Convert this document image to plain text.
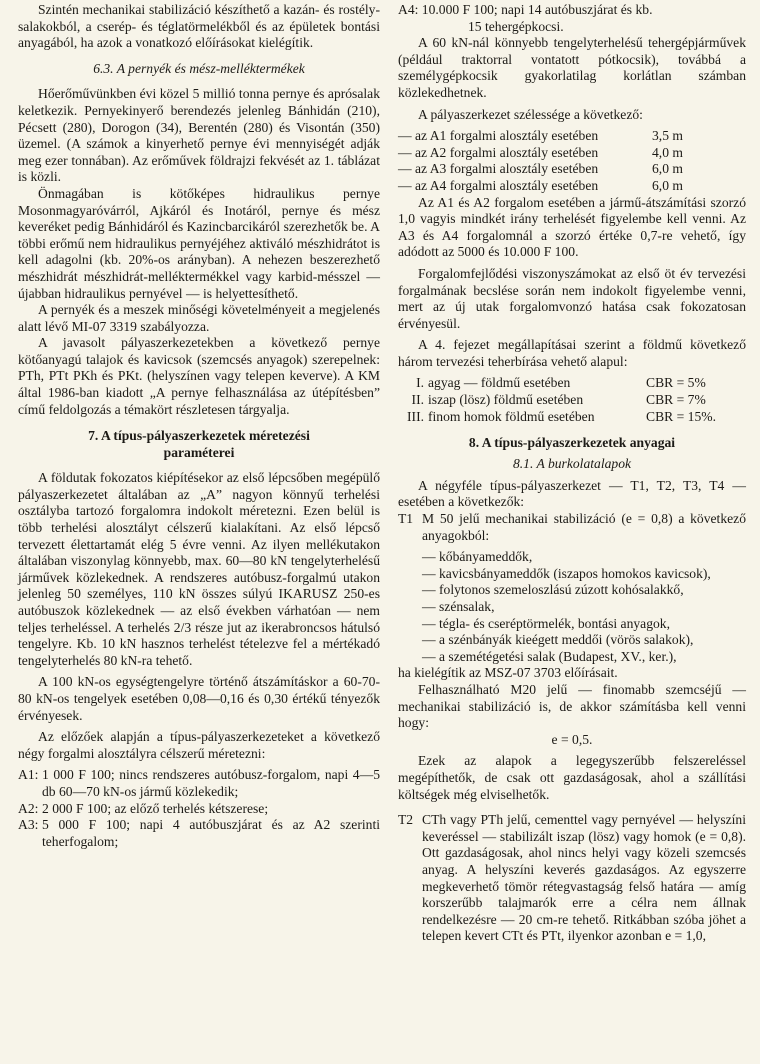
Szintén mechanikai stabilizáció készíthető a kazán- és rostély-salakokból, a cserép- és téglatörmelékből és az épületek bontási anyagából, ha azok a vonatkozó előírásokat kielégítik.

6.3. A pernyék és mész-melléktermékek

Hőerőművünkben évi közel 5 millió tonna pernye és aprósalak keletkezik. Pernyekinyerő berendezés jelenleg Bánhidán (210), Pécsett (280), Dorogon (34), Berentén (280) és Visontán (350) üzemel. (A számok a kinyerhető pernye évi mennyiségét adják meg ezer tonnában). Az erőművek földrajzi fekvését az 1. táblázat is közli.

Önmagában is kötőképes hidraulikus pernye Mosonmagyaróvárról, Ajkáról és Inotáról, pernye és mész keveréket pedig Bánhidáról és Kazincbarcikáról szerezhetők be. A többi erőmű nem hidraulikus pernyéjéhez aktiváló mészhidrátot is kell adagolni (kb. 20%-os arányban). A nehezen beszerezhető mészhidrát mészhidrát-melléktermékkel vagy karbid-mésszel — újabban hidraulikus pernyével — is helyettesíthető.

A pernyék és a meszek minőségi követelményeit a megjelenés alatt lévő MI-07 3319 szabályozza.

A javasolt pályaszerkezetekben a következő pernye kötőanyagú talajok és kavicsok (szemcsés anyagok) szerepelnek: PTh, PTt PKh és PKt. (helyszínen vagy telepen keverve). A KM által 1986-ban kiadott „A pernye felhasználása az útépítésben” című feldolgozás a témakört részletesen tárgyalja.

7. A típus-pályaszerkezetek méretezési
paraméterei

A földutak fokozatos kiépítésekor az első lépcsőben megépülő pályaszerkezetet általában az „A” nagyon könnyű terhelési osztályba tartozó forgalomra indokolt méretezni. Ezen belül is több terhelési alosztályt célszerű kialakítani. Az első lépcső tervezett élettartamát elég 5 évre venni. Az ilyen mellékutakon általában viszonylag könnyebb, max. 60—80 kN tengelyterhelésű járművek közlekednek. A rendszeres autóbusz-forgalmú utakon jelenleg 50 személyes, 110 kN összes súlyú IKARUSZ 250-es autóbuszok közlekednek — az első években várhatóan — nem teljes terheléssel. A terhelés 2/3 része jut az ikerabroncsos hátulsó tengelyre. Kb. 10 kN hasznos terhelést tételezve fel a mértékadó tengelyterhelés 80 kN-ra tehető.

A 100 kN-os egységtengelyre történő átszámításkor a 60-70-80 kN-os tengelyek esetében 0,08—0,16 és 0,30 értékű tényezők érvényesek.

Az előzőek alapján a típus-pályaszerkezeteket a következő négy forgalmi alosztályra célszerű méretezni:

A1: 1 000 F 100; nincs rendszeres autóbusz-forgalom, napi 4—5 db 60—70 kN-os jármű közlekedik;
A2: 2 000 F 100; az előző terhelés kétszerese;
A3: 5 000 F 100; napi 4 autóbuszjárat és az A2 szerinti teherfogalom;

A4: 10.000 F 100; napi 14 autóbuszjárat és kb.

15 tehergépkocsi.

A 60 kN-nál könnyebb tengelyterhelésű tehergépjárművek (például traktorral vontatott pótkocsik), továbbá a személygépkocsik gyakorlatilag korlátlan számban közlekedhetnek.

A pályaszerkezet szélessége a következő:

— az A1 forgalmi alosztály esetében	3,5 m
— az A2 forgalmi alosztály esetében	4,0 m
— az A3 forgalmi alosztály esetében	6,0 m
— az A4 forgalmi alosztály esetében	6,0 m

Az A1 és A2 forgalom esetében a jármű-átszámítási szorzó 1,0 vagyis mindkét irány terhelését figyelembe kell venni. Az A3 és A4 forgalomnál a szorzó értéke 0,7-re vehető, így adódott az 5000 és 10.000 F 100.

Forgalomfejlődési viszonyszámokat az első öt év tervezési forgalmának becslése során nem indokolt figyelembe venni, mert az új utak forgalomvonzó hatása csak fokozatosan érvényesül.

A 4. fejezet megállapításai szerint a földmű következő három tervezési teherbírása vehető alapul:

I.	agyag — földmű esetében	CBR = 5%
II.	iszap (lösz) földmű esetében	CBR = 7%
III.	finom homok földmű esetében	CBR = 15%.
8. A típus-pályaszerkezetek anyagai
8.1. A burkolatalapok

A négyféle típus-pályaszerkezet — T1, T2, T3, T4 — esetében a következők:

T1 M 50 jelű mechanikai stabilizáció (e = 0,8) a következő anyagokból:
— kőbányameddők,
— kavicsbányameddők (iszapos homokos kavicsok),
— folytonos szemeloszlású zúzott kohósalakkő,
— szénsalak,
— tégla- és cseréptörmelék, bontási anyagok,
— a szénbányák kieégett meddői (vörös salakok),
— a szemétégetési salak (Budapest, XV., ker.),

ha kielégítik az MSZ-07 3703 előírásait.

Felhasználható M20 jelű — finomabb szemcséjű — mechanikai stabilizáció is, de akkor számításba kell venni hogy:

e = 0,5.

Ezek az alapok a legegyszerűbb felszereléssel megépíthetők, de csak ott gazdaságosak, ahol a szállítási költségek még elviselhetők.

T2 CTh vagy PTh jelű, cementtel vagy pernyével — helyszíni keveréssel — stabilizált iszap (lösz) vagy homok (e = 0,8). Ott gazdaságosak, ahol nincs helyi vagy közeli szemcsés anyag. A helyszíni keverés gazdaságos. Az egyszerre megkeverhető tömör rétegvastagság felső határa — amíg korszerűbb talajmarók erre a célra nem állnak rendelkezésre — 20 cm-re tehető. Ritkábban szóba jöhet a telepen kevert CTt és PTt, ilyenkor azonban e = 1,0,
